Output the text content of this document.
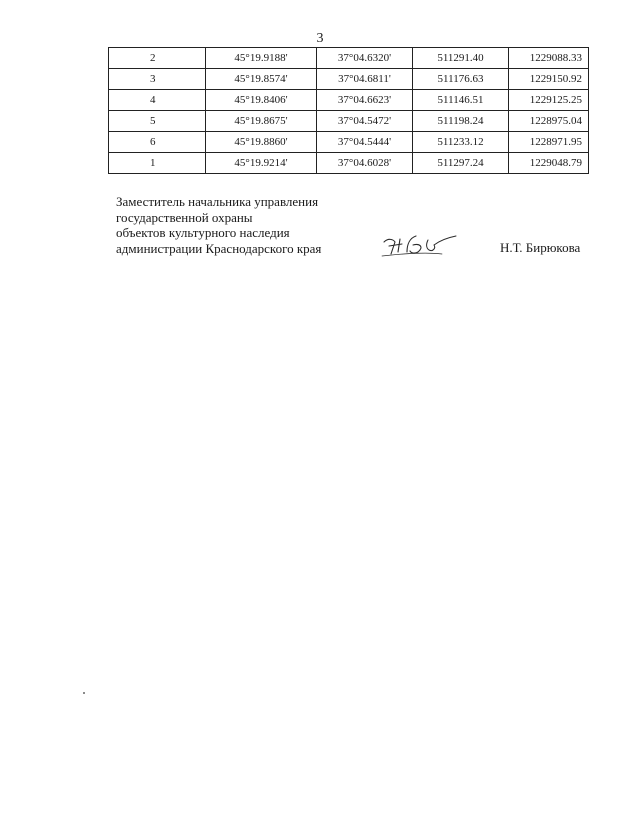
3
2	45°19.9188'	37°04.6320'	511291.40	1229088.33
3	45°19.8574'	37°04.6811'	511176.63	1229150.92
4	45°19.8406'	37°04.6623'	511146.51	1229125.25
5	45°19.8675'	37°04.5472'	511198.24	1228975.04
6	45°19.8860'	37°04.5444'	511233.12	1228971.95
1	45°19.9214'	37°04.6028'	511297.24	1229048.79
Заместитель начальника управления
государственной охраны
объектов культурного наследия
администрации Краснодарского края	Н.Т. Бирюкова
